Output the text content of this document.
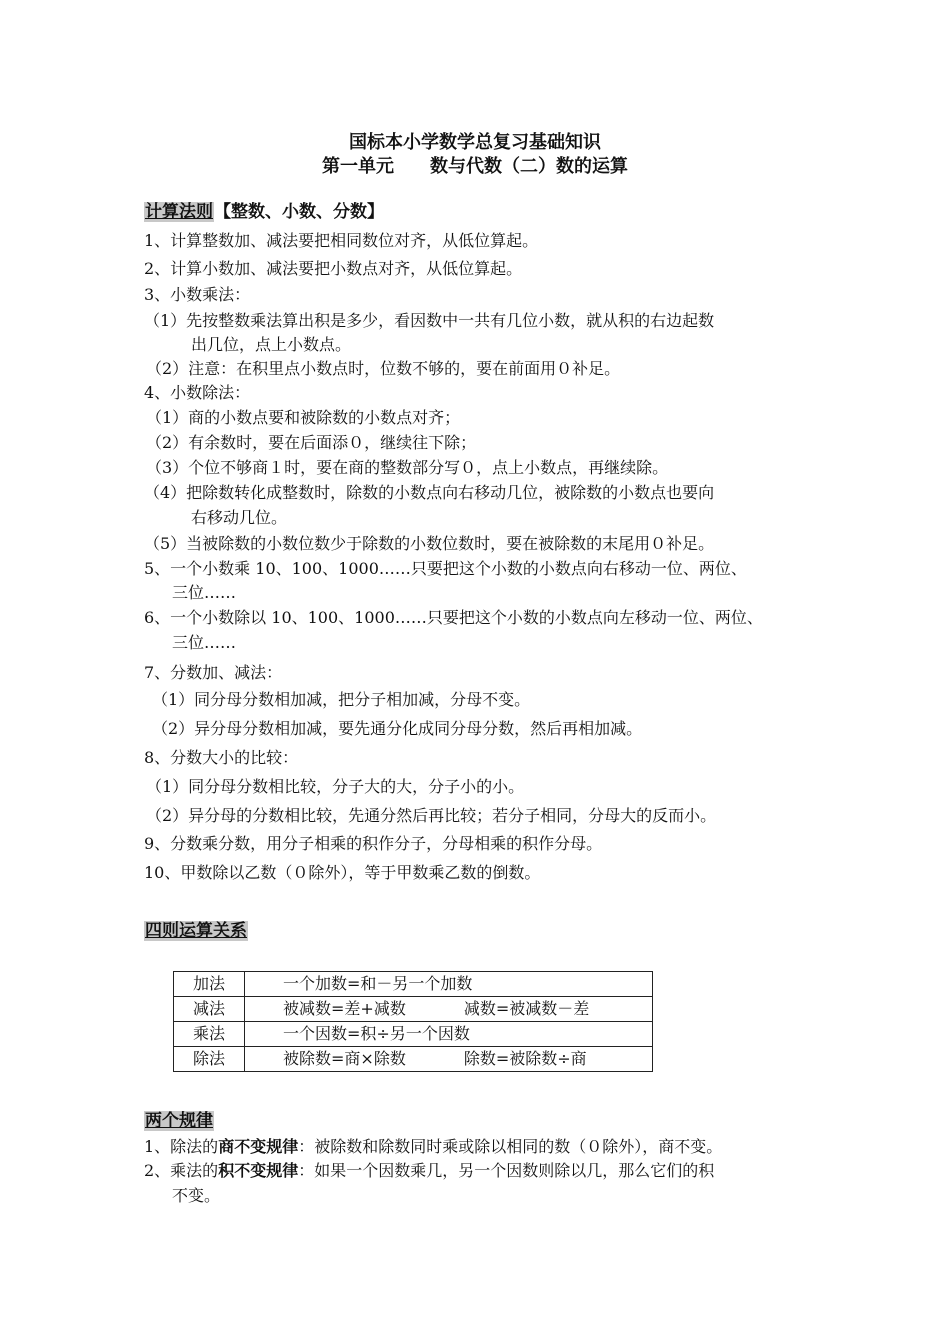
国标本小学数学总复习基础知识
第一单元　　数与代数（二）数的运算
计算法则【整数、小数、分数】
1、计算整数加、减法要把相同数位对齐，从低位算起。
2、计算小数加、减法要把小数点对齐，从低位算起。
3、小数乘法：
（1）先按整数乘法算出积是多少，看因数中一共有几位小数，就从积的右边起数
出几位，点上小数点。
（2）注意：在积里点小数点时，位数不够的，要在前面用０补足。
4、小数除法：
（1）商的小数点要和被除数的小数点对齐；
（2）有余数时，要在后面添０，继续往下除；
（3）个位不够商１时，要在商的整数部分写０，点上小数点，再继续除。
（4）把除数转化成整数时，除数的小数点向右移动几位，被除数的小数点也要向
右移动几位。
（5）当被除数的小数位数少于除数的小数位数时，要在被除数的末尾用０补足。
5、一个小数乘 10、100、1000……只要把这个小数的小数点向右移动一位、两位、
三位……
6、一个小数除以 10、100、1000……只要把这个小数的小数点向左移动一位、两位、
三位……
7、分数加、减法：
（1）同分母分数相加减，把分子相加减，分母不变。
（2）异分母分数相加减，要先通分化成同分母分数，然后再相加减。
8、分数大小的比较：
（1）同分母分数相比较，分子大的大，分子小的小。
（2）异分母的分数相比较，先通分然后再比较；若分子相同，分母大的反而小。
9、分数乘分数，用分子相乘的积作分子，分母相乘的积作分母。
10、甲数除以乙数（０除外），等于甲数乘乙数的倒数。
四则运算关系
加法	一个加数=和－另一个加数
减法	被减数=差+减数 减数=被减数－差
乘法	一个因数=积÷另一个因数
除法	被除数=商×除数 除数=被除数÷商
两个规律
1、除法的商不变规律：被除数和除数同时乘或除以相同的数（０除外），商不变。
2、乘法的积不变规律：如果一个因数乘几，另一个因数则除以几，那么它们的积
不变。
